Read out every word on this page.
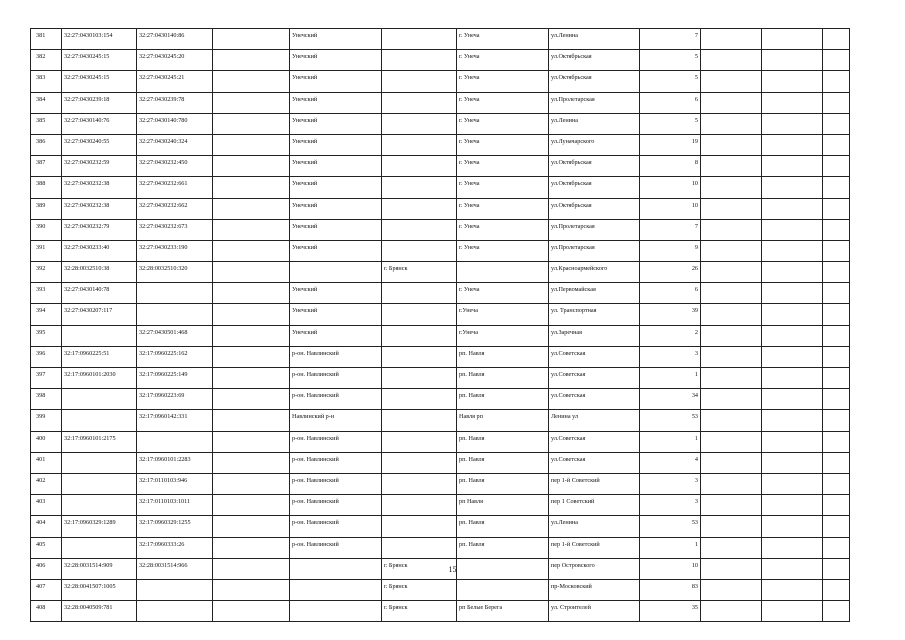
381	32:27:0430103:154	32:27:0430140:86		Унечский		г. Унеча	ул.Ленина	7			
382	32:27:0430245:15	32:27:0430245:20		Унечский		г. Унеча	ул.Октябрьская	5			
383	32:27:0430245:15	32:27:0430245:21		Унечский		г. Унеча	ул.Октябрьская	5			
384	32:27:0430239:18	32:27:0430239:78		Унечский		г. Унеча	ул.Пролетарская	6			
385	32:27:0430140:76	32:27:0430140:780		Унечский		г. Унеча	ул.Ленина	5			
386	32:27:0430240:55	32:27:0430240:324		Унечский		г. Унеча	ул.Луначарского	19			
387	32:27:0430232:59	32:27:0430232:450		Унечский		г. Унеча	ул.Октябрьская	8			
388	32:27:0430232:38	32:27:0430232:661		Унечский		г. Унеча	ул.Октябрьская	10			
389	32:27:0430232:38	32:27:0430232:662		Унечский		г. Унеча	ул.Октябрьская	10			
390	32:27:0430232:79	32:27:0430232:673		Унечский		г. Унеча	ул.Пролетарская	7			
391	32:27:0430233:40	32:27:0430233:190		Унечский		г. Унеча	ул.Пролетарская	9			
392	32:28:0032510:38	32:28:0032510:320			г. Брянск		ул.Красноармейского	26			
393	32:27:0430140:78			Унечский		г. Унеча	ул.Первомайская	6			
394	32:27:0430207:117			Унечский		г.Унеча	ул. Транспортная	39			
395		32:27:0430501:468		Унечский		г.Унеча	ул.Заречная	2			
396	32:17:0960225:51	32:17:0960225:162		р-он. Навлинский		рп. Навля	ул.Советская	3			
397	32:17:0960101:2030	32:17:0960225:149		р-он. Навлинский		рп. Навля	ул.Советская	1			
398		32:17:0960223:69		р-он. Навлинский		рп. Навля	ул.Советская	34			
399		32:17:0960142:331		Навлинский р-н		Навля рп	Ленина ул	53			
400	32:17:0960101:2175			р-он. Навлинский		рп. Навля	ул.Советская	1			
401		32:17:0960101:2283		р-он. Навлинский		рп. Навля	ул.Советская	4			
402		32:17:0110103:946		р-он. Навлинский		рп. Навля	пер 1-й Советский	3			
403		32:17:0110103:1011		р-он. Навлинский		рп Навля	пер 1 Советский	3			
404	32:17:0960329:1289	32:17:0960329:1255		р-он. Навлинский		рп. Навля	ул.Ленина	53			
405		32:17:0960333:26		р-он. Навлинский		рп. Навля	пер 1-й Советский	1			
406	32:28:0031514:909	32:28:0031514:966			г. Брянск		пер Островского	10			
407	32:28:0041507:1005				г. Брянск		пр-Московский	83			
408	32:28:0040509:781				г. Брянск	рп Белые Берега	ул. Строителей	35			
15
